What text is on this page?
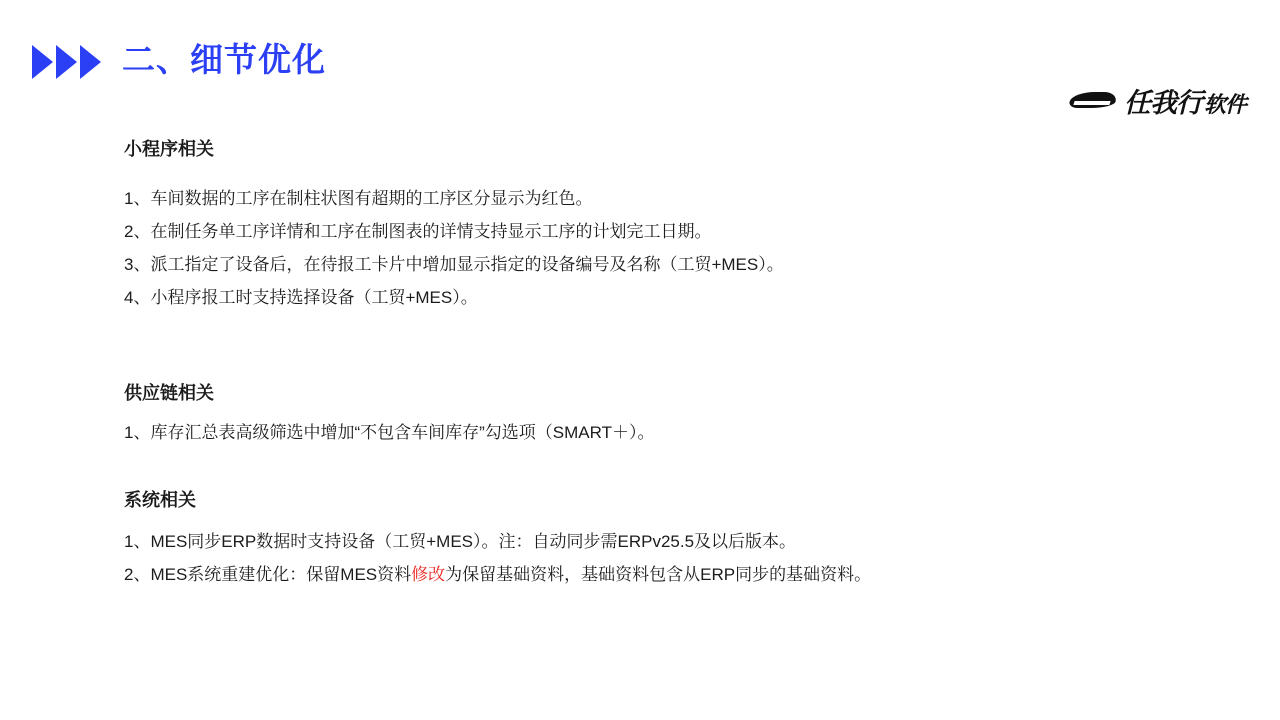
二、细节优化
任我行软件
小程序相关
1、车间数据的工序在制柱状图有超期的工序区分显示为红色。
2、在制任务单工序详情和工序在制图表的详情支持显示工序的计划完工日期。
3、派工指定了设备后，在待报工卡片中增加显示指定的设备编号及名称（工贸+MES）。
4、小程序报工时支持选择设备（工贸+MES）。
供应链相关
1、库存汇总表高级筛选中增加“不包含车间库存”勾选项（SMART＋）。
系统相关
1、MES同步ERP数据时支持设备（工贸+MES）。注：自动同步需ERPv25.5及以后版本。
2、MES系统重建优化：保留MES资料修改为保留基础资料，基础资料包含从ERP同步的基础资料。
